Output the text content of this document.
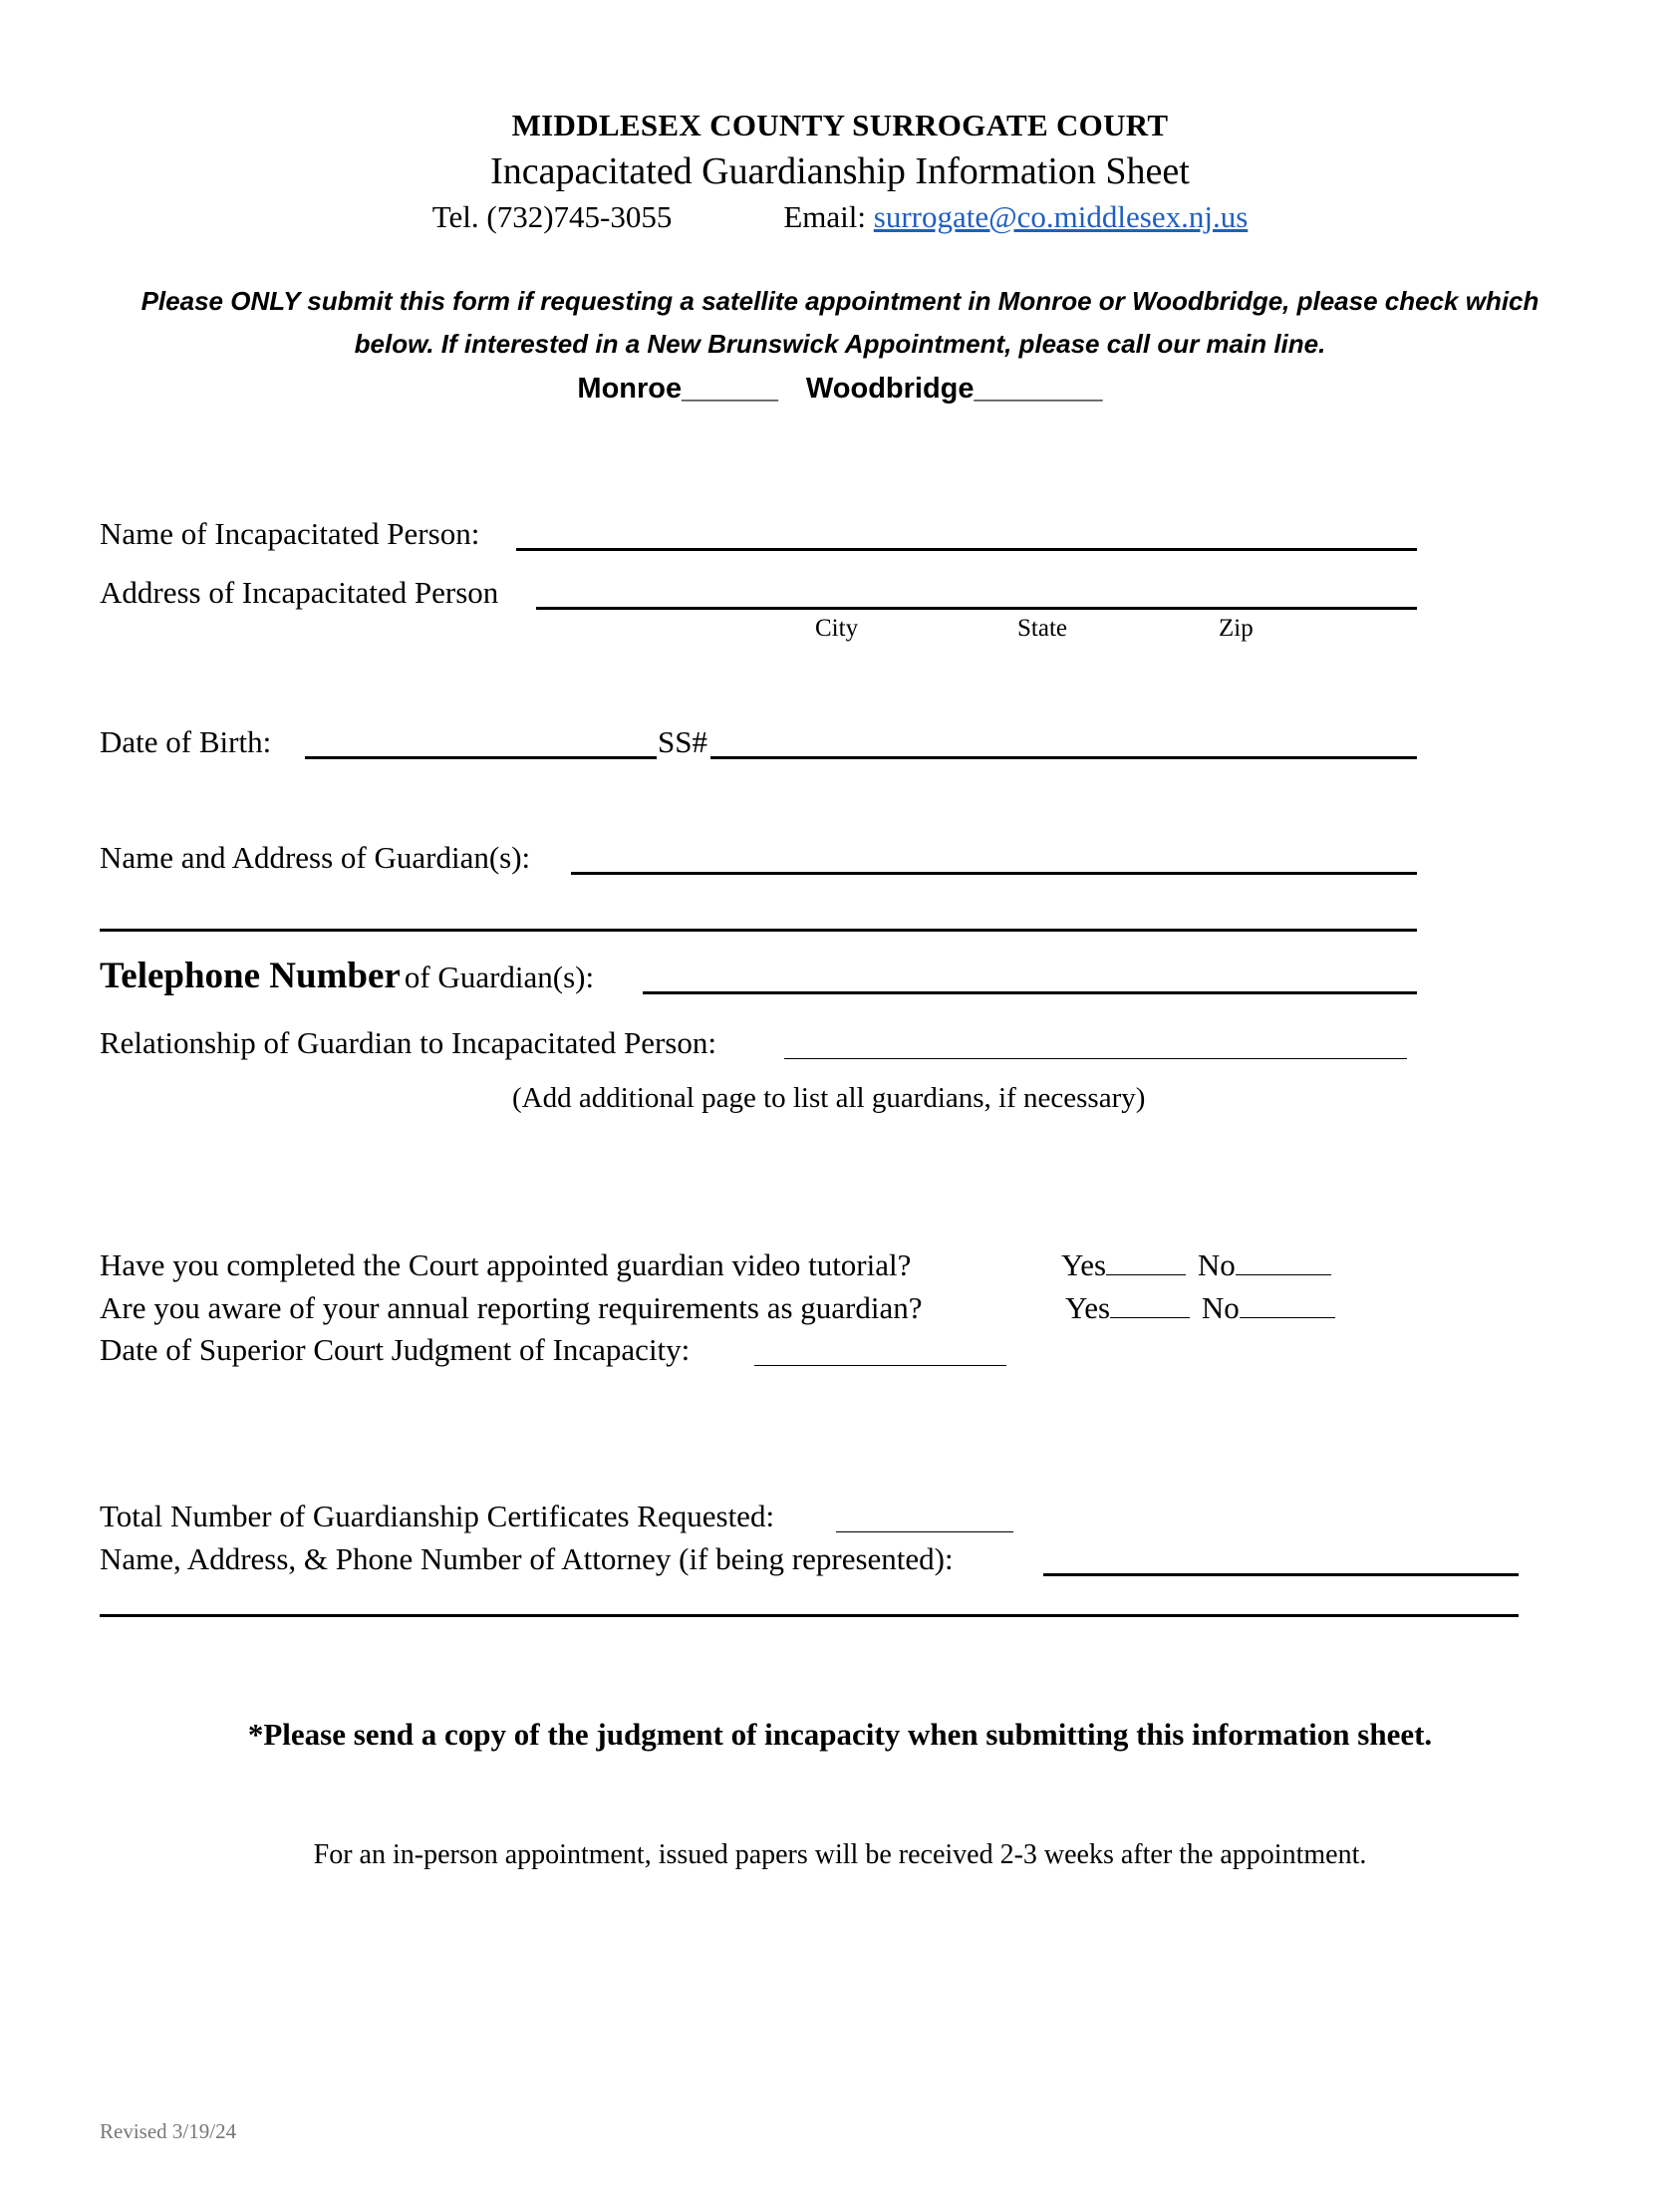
MIDDLESEX COUNTY SURROGATE COURT
Incapacitated Guardianship Information Sheet
Tel. (732)745-3055	Email: surrogate@co.middlesex.nj.us
Please ONLY submit this form if requesting a satellite appointment in Monroe or Woodbridge, please check which
below. If interested in a New Brunswick Appointment, please call our main line.
Monroe______ Woodbridge________
Name of Incapacitated Person:
Address of Incapacitated Person
City	State	Zip
Date of Birth:	SS#
Name and Address of Guardian(s):
Telephone Number of Guardian(s):
Relationship of Guardian to Incapacitated Person:
(Add additional page to list all guardians, if necessary)
Have you completed the Court appointed guardian video tutorial?	Yes	No
Are you aware of your annual reporting requirements as guardian?	Yes	No
Date of Superior Court Judgment of Incapacity:
Total Number of Guardianship Certificates Requested:
Name, Address, & Phone Number of Attorney (if being represented):
*Please send a copy of the judgment of incapacity when submitting this information sheet.
For an in-person appointment, issued papers will be received 2-3 weeks after the appointment.
Revised 3/19/24
